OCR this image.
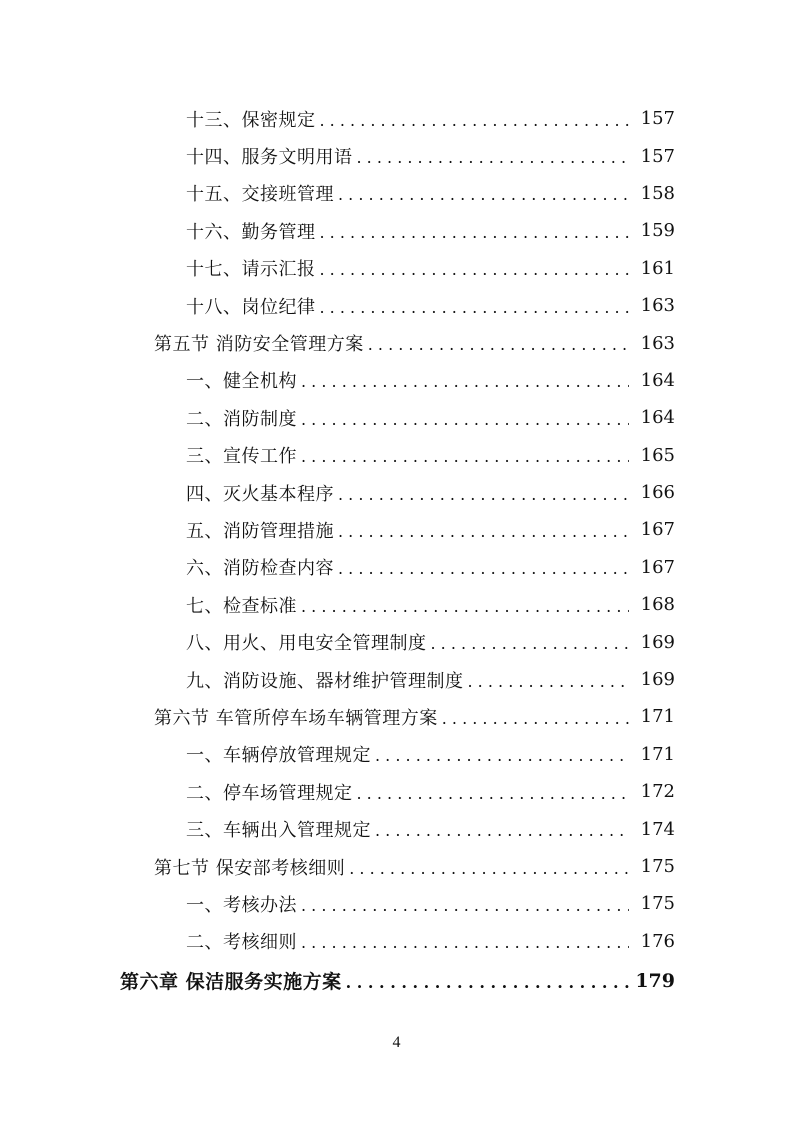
十三、保密规定 . . .	157
十四、服务文明用语 . . .	157
十五、交接班管理 . . .	158
十六、勤务管理 . . .	159
十七、请示汇报 . . .	161
十八、岗位纪律 . . .	163
第五节 消防安全管理方案 . . .	163
一、健全机构 . . .	164
二、消防制度 . . .	164
三、宣传工作 . . .	165
四、灭火基本程序 . . .	166
五、消防管理措施 . . .	167
六、消防检查内容 . . .	167
七、检查标准 . . .	168
八、用火、用电安全管理制度 . . .	169
九、消防设施、器材维护管理制度 . . .	169
第六节 车管所停车场车辆管理方案 . . .	171
一、车辆停放管理规定 . . .	171
二、停车场管理规定 . . .	172
三、车辆出入管理规定 . . .	174
第七节 保安部考核细则 . . .	175
一、考核办法 . . .	175
二、考核细则 . . .	176
第六章 保洁服务实施方案 . . .	179
4
